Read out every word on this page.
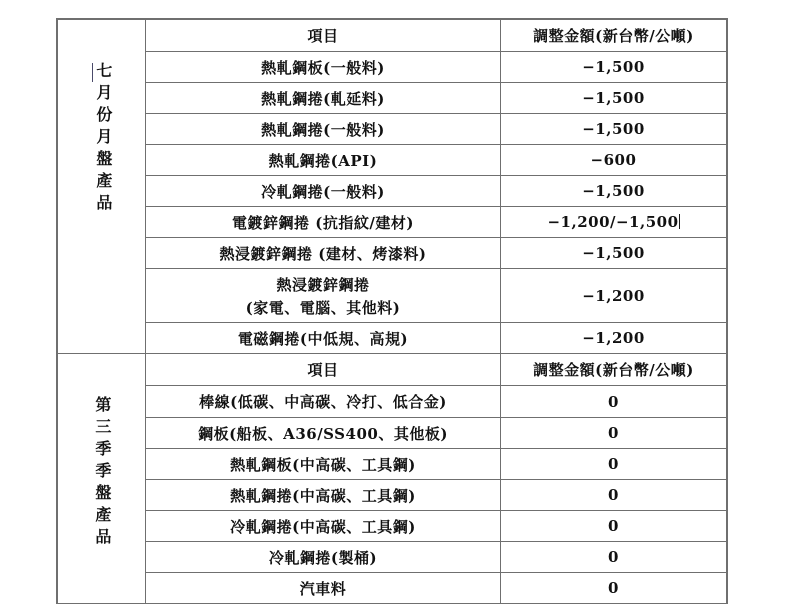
七月份月盤產品	項目	調整金額(新台幣/公噸)
	熱軋鋼板(一般料)	−1,500
	熱軋鋼捲(軋延料)	−1,500
	熱軋鋼捲(一般料)	−1,500
	熱軋鋼捲(API)	−600
	冷軋鋼捲(一般料)	−1,500
	電鍍鋅鋼捲 (抗指紋/建材)	−1,200/−1,500
	熱浸鍍鋅鋼捲 (建材、烤漆料)	−1,500

	熱浸鍍鋅鋼捲
(家電、電腦、其他料)	−1,200
	電磁鋼捲(中低規、高規)	−1,200

第三季季盤產品	項目	調整金額(新台幣/公噸)
	棒線(低碳、中高碳、冷打、低合金)	0
	鋼板(船板、A36/SS400、其他板)	0
	熱軋鋼板(中高碳、工具鋼)	0
	熱軋鋼捲(中高碳、工具鋼)	0
	冷軋鋼捲(中高碳、工具鋼)	0
	冷軋鋼捲(製桶)	0
	汽車料	0
